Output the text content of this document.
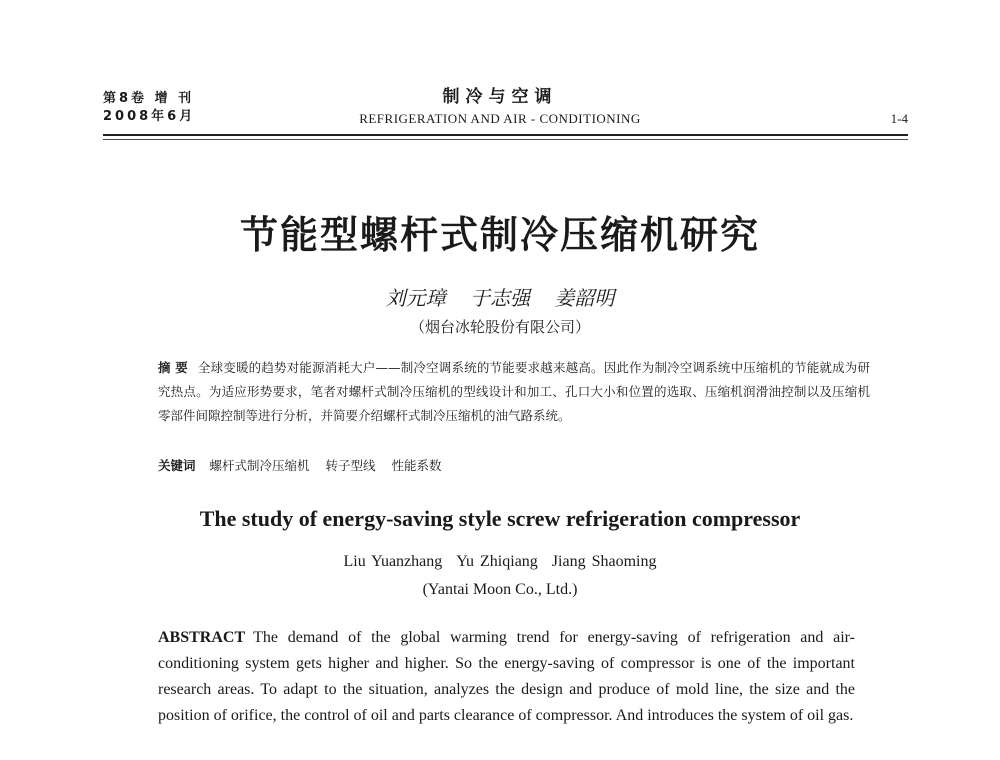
第8卷 增 刊
2008年6月
制冷与空调
REFRIGERATION AND AIR - CONDITIONING	1-4
节能型螺杆式制冷压缩机研究
刘元璋 于志强 姜韶明
（烟台冰轮股份有限公司）
摘 要 全球变暖的趋势对能源消耗大户——制冷空调系统的节能要求越来越高。因此作为制冷空调系统中压缩机的节能就成为研究热点。为适应形势要求，笔者对螺杆式制冷压缩机的型线设计和加工、孔口大小和位置的选取、压缩机润滑油控制以及压缩机零部件间隙控制等进行分析，并简要介绍螺杆式制冷压缩机的油气路系统。
关键词 螺杆式制冷压缩机 转子型线 性能系数
The study of energy-saving style screw refrigeration compressor
Liu Yuanzhang Yu Zhiqiang Jiang Shaoming
(Yantai Moon Co., Ltd.)
ABSTRACT The demand of the global warming trend for energy-saving of refrigeration and air-conditioning system gets higher and higher. So the energy-saving of compressor is one of the important research areas. To adapt to the situation, analyzes the design and produce of mold line, the size and the position of orifice, the control of oil and parts clearance of compressor. And introduces the system of oil gas.
